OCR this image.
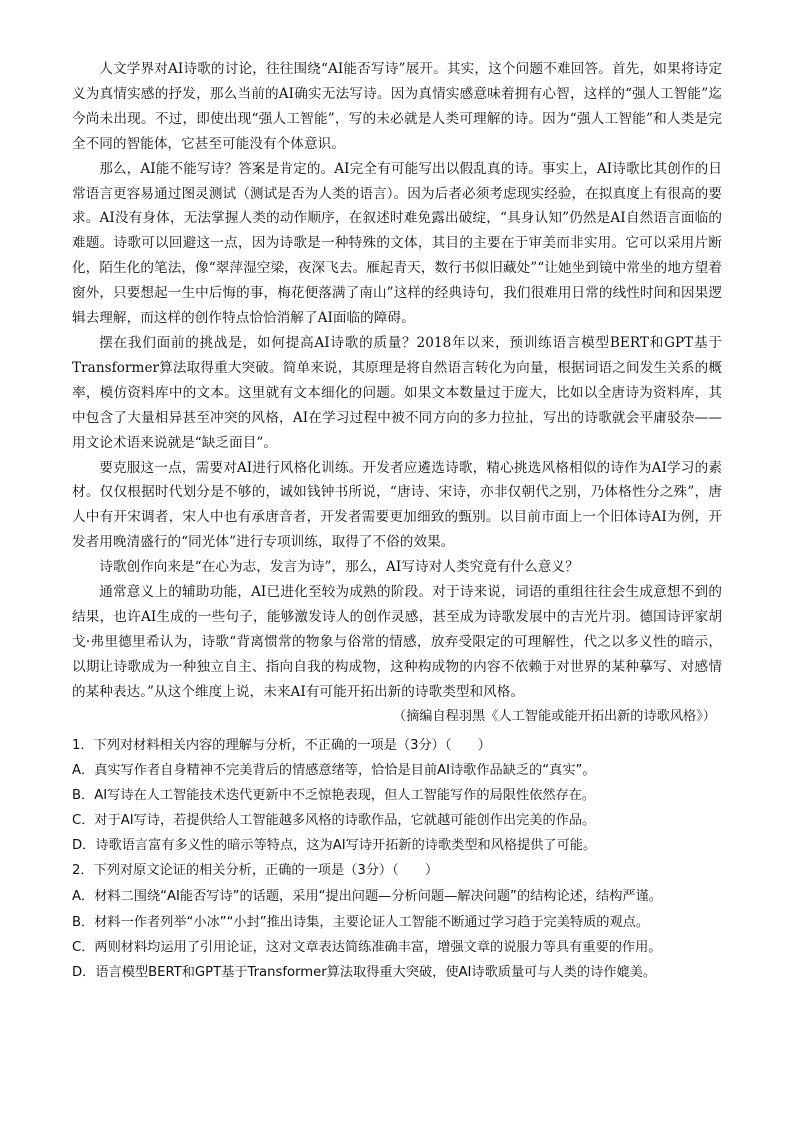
人文学界对AI诗歌的讨论，往往围绕“AI能否写诗”展开。其实，这个问题不难回答。首先，如果将诗定义为真情实感的抒发，那么当前的AI确实无法写诗。因为真情实感意味着拥有心智，这样的“强人工智能”迄今尚未出现。不过，即使出现“强人工智能”，写的未必就是人类可理解的诗。因为“强人工智能”和人类是完全不同的智能体，它甚至可能没有个体意识。

那么，AI能不能写诗？答案是肯定的。AI完全有可能写出以假乱真的诗。事实上，AI诗歌比其创作的日常语言更容易通过图灵测试（测试是否为人类的语言）。因为后者必须考虑现实经验，在拟真度上有很高的要求。AI没有身体，无法掌握人类的动作顺序，在叙述时难免露出破绽，“具身认知”仍然是AI自然语言面临的难题。诗歌可以回避这一点，因为诗歌是一种特殊的文体，其目的主要在于审美而非实用。它可以采用片断化，陌生化的笔法，像“翠萍湿空梁，夜深飞去。雁起青天，数行书似旧藏处”“让她坐到镜中常坐的地方望着窗外，只要想起一生中后悔的事，梅花便落满了南山”这样的经典诗句，我们很难用日常的线性时间和因果逻辑去理解，而这样的创作特点恰恰消解了AI面临的障碍。

摆在我们面前的挑战是，如何提高AI诗歌的质量？2018年以来，预训练语言模型BERT和GPT基于Transformer算法取得重大突破。简单来说，其原理是将自然语言转化为向量，根据词语之间发生关系的概率，模仿资料库中的文本。这里就有文本细化的问题。如果文本数量过于庞大，比如以全唐诗为资料库，其中包含了大量相异甚至冲突的风格，AI在学习过程中被不同方向的多力拉扯，写出的诗歌就会平庸驳杂——用文论术语来说就是“缺乏面目”。

要克服这一点，需要对AI进行风格化训练。开发者应遴选诗歌，精心挑选风格相似的诗作为AI学习的素材。仅仅根据时代划分是不够的，诚如钱钟书所说，“唐诗、宋诗，亦非仅朝代之别，乃体格性分之殊”，唐人中有开宋调者，宋人中也有承唐音者，开发者需要更加细致的甄别。以目前市面上一个旧体诗AI为例，开发者用晚清盛行的“同光体”进行专项训练，取得了不俗的效果。

诗歌创作向来是“在心为志，发言为诗”，那么，AI写诗对人类究竟有什么意义？

通常意义上的辅助功能，AI已进化至较为成熟的阶段。对于诗来说，词语的重组往往会生成意想不到的结果，也许AI生成的一些句子，能够激发诗人的创作灵感，甚至成为诗歌发展中的吉光片羽。德国诗评家胡戈·弗里德里希认为，诗歌“背离惯常的物象与俗常的情感，放弃受限定的可理解性，代之以多义性的暗示，以期让诗歌成为一种独立自主、指向自我的构成物，这种构成物的内容不依赖于对世界的某种摹写、对感情的某种表达。”从这个维度上说，未来AI有可能开拓出新的诗歌类型和风格。

（摘编自程羽黑《人工智能或能开拓出新的诗歌风格》）

1．下列对材料相关内容的理解与分析，不正确的一项是（3分）（　　）

A．真实写作者自身精神不完美背后的情感意绪等，恰恰是目前AI诗歌作品缺乏的“真实”。

B．AI写诗在人工智能技术迭代更新中不乏惊艳表现，但人工智能写作的局限性依然存在。

C．对于AI写诗，若提供给人工智能越多风格的诗歌作品，它就越可能创作出完美的作品。

D．诗歌语言富有多义性的暗示等特点，这为AI写诗开拓新的诗歌类型和风格提供了可能。

2．下列对原文论证的相关分析，正确的一项是（3分）（　　）

A．材料二围绕“AI能否写诗”的话题，采用“提出问题—分析问题—解决问题”的结构论述，结构严谨。

B．材料一作者列举“小冰”“小封”推出诗集，主要论证人工智能不断通过学习趋于完美特质的观点。

C．两则材料均运用了引用论证，这对文章表达简练准确丰富，增强文章的说服力等具有重要的作用。

D．语言模型BERT和GPT基于Transformer算法取得重大突破，使AI诗歌质量可与人类的诗作媲美。
